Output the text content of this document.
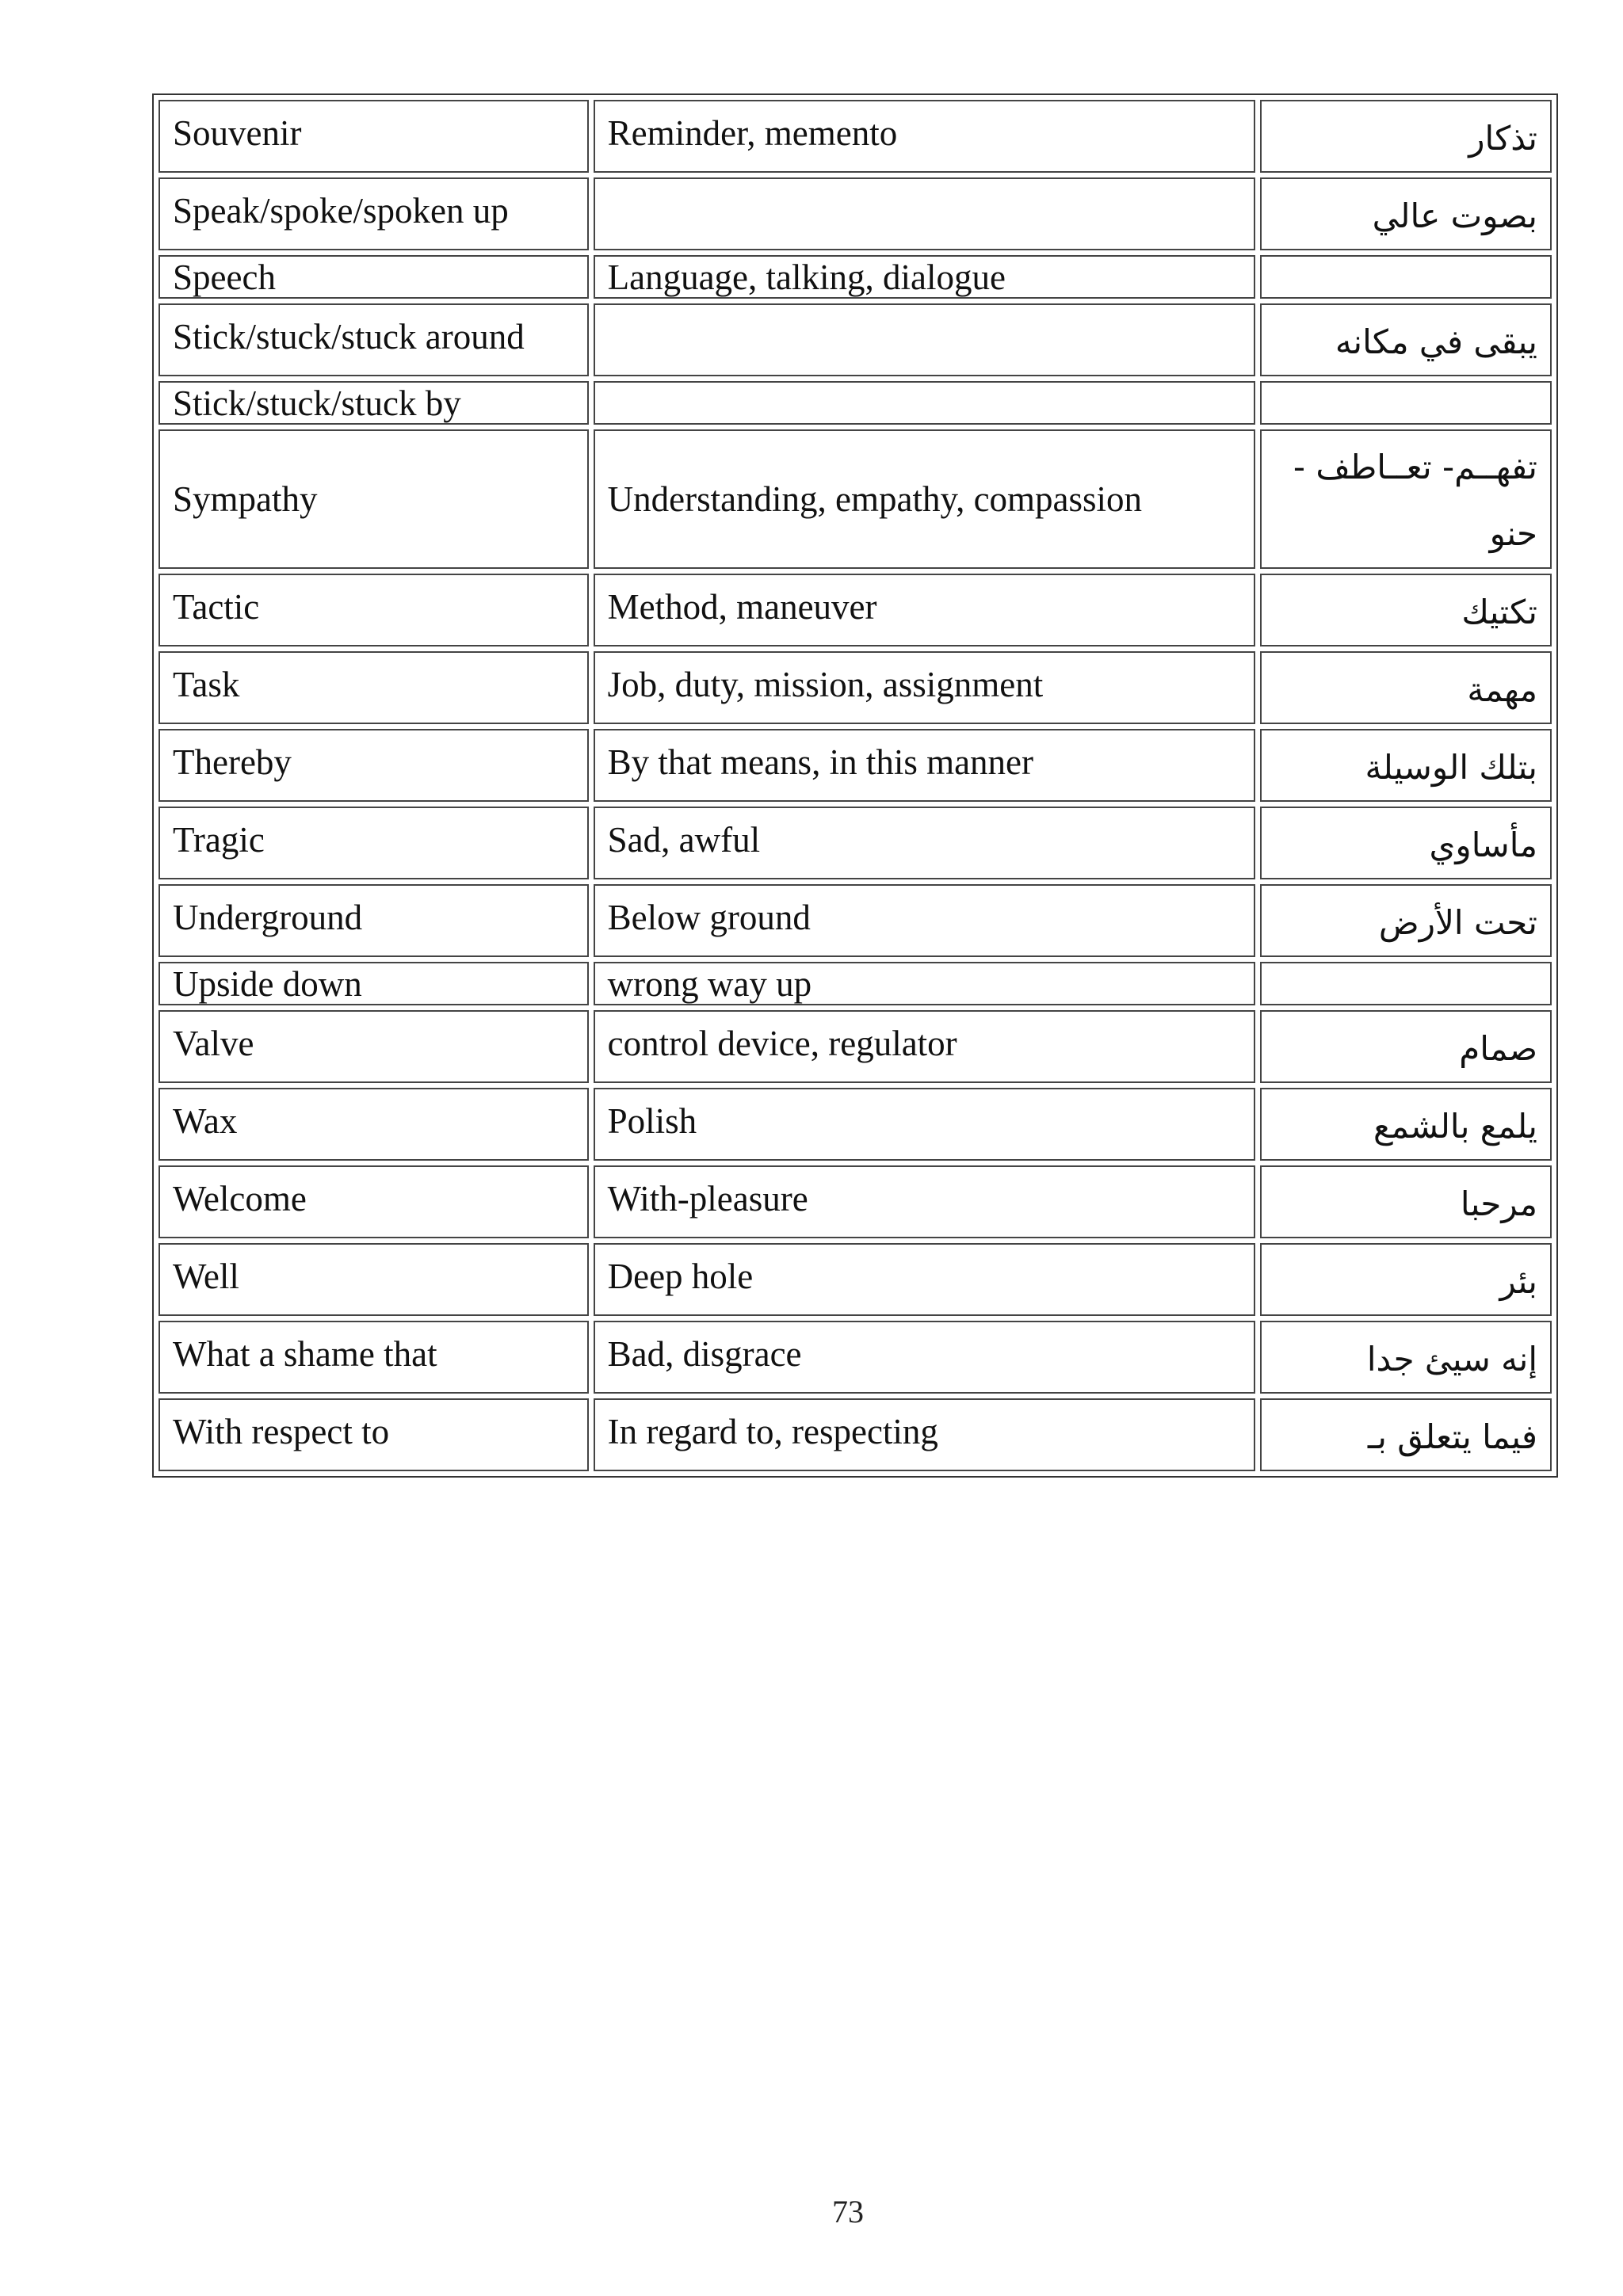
Souvenir	Reminder, memento	تذكار
Speak/spoke/spoken up		بصوت عالي
Speech	Language, talking, dialogue	
Stick/stuck/stuck around		يبقى في مكانه
Stick/stuck/stuck by		
Sympathy	Understanding, empathy, compassion	تفهــم- تعــاطف - حنو
Tactic	Method, maneuver	تكتيك
Task	Job, duty, mission, assignment	مهمة
Thereby	By that means, in this manner	بتلك الوسيلة
Tragic	Sad, awful	مأساوي
Underground	Below ground	تحت الأرض
Upside down	wrong way up	
Valve	control device, regulator	صمام
Wax	Polish	يلمع بالشمع
Welcome	With-pleasure	مرحبا
Well	Deep hole	بئر
What a shame that	Bad, disgrace	إنه سيئ جدا
With respect to	In regard to, respecting	فيما يتعلق بـ
73
